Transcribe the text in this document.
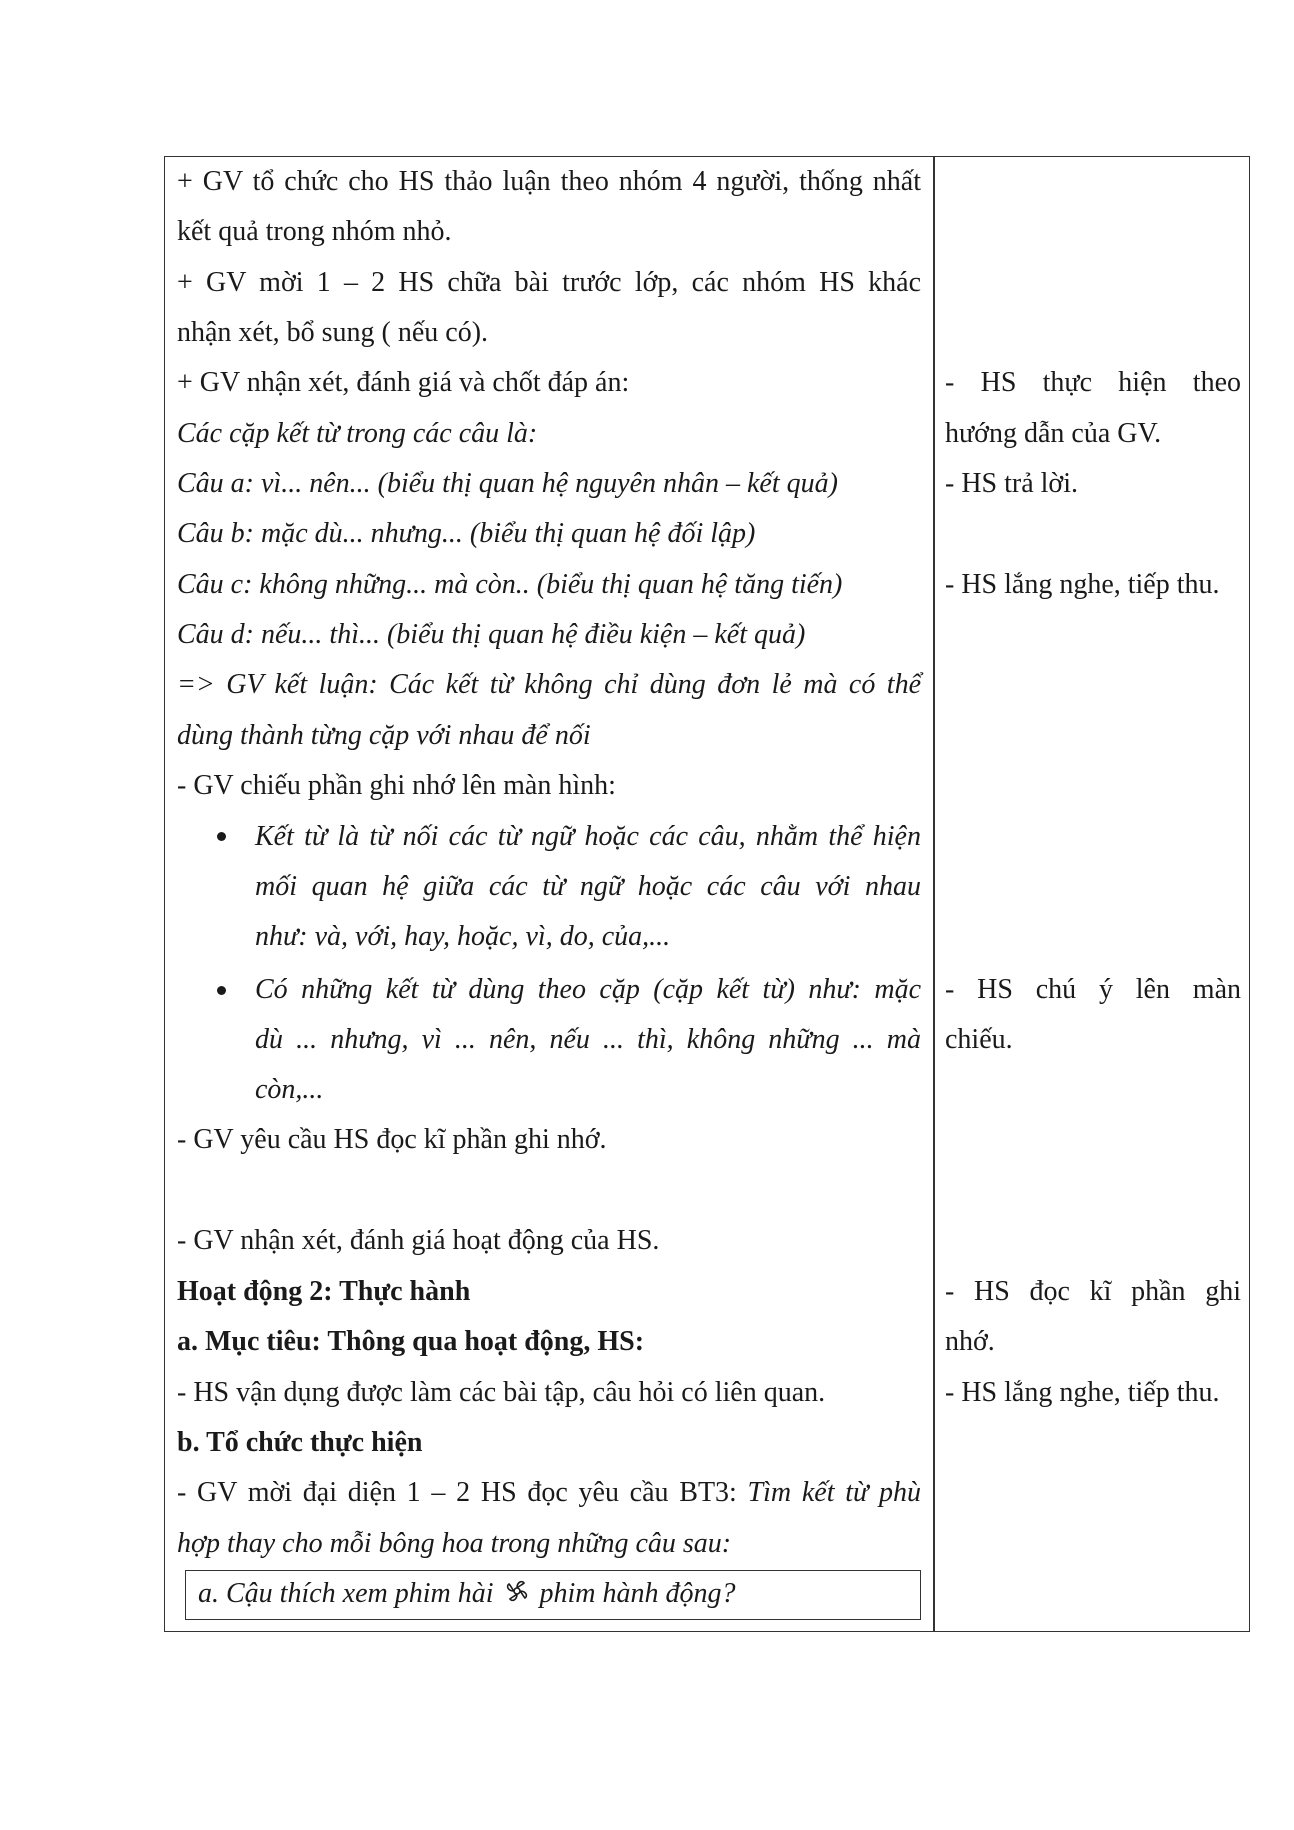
+ GV tổ chức cho HS thảo luận theo nhóm 4 người, thống nhất
kết quả trong nhóm nhỏ.
+ GV mời 1 – 2 HS chữa bài trước lớp, các nhóm HS khác
nhận xét, bổ sung ( nếu có).
+ GV nhận xét, đánh giá và chốt đáp án:
Các cặp kết từ trong các câu là:
Câu a: vì... nên... (biểu thị quan hệ nguyên nhân – kết quả)
Câu b: mặc dù... nhưng... (biểu thị quan hệ đối lập)
Câu c: không những... mà còn.. (biểu thị quan hệ tăng tiến)
Câu d: nếu... thì... (biểu thị quan hệ điều kiện – kết quả)
=> GV kết luận: Các kết từ không chỉ dùng đơn lẻ mà có thể
dùng thành từng cặp với nhau để nối
- GV chiếu phần ghi nhớ lên màn hình:
Kết từ là từ nối các từ ngữ hoặc các câu, nhằm thể hiện
mối quan hệ giữa các từ ngữ hoặc các câu với nhau
như: và, với, hay, hoặc, vì, do, của,...
Có những kết từ dùng theo cặp (cặp kết từ) như: mặc
dù ... nhưng, vì ... nên, nếu ... thì, không những ... mà
còn,...
- GV yêu cầu HS đọc kĩ phần ghi nhớ.
- GV nhận xét, đánh giá hoạt động của HS.
Hoạt động 2: Thực hành
a. Mục tiêu: Thông qua hoạt động, HS:
- HS vận dụng được làm các bài tập, câu hỏi có liên quan.
b. Tổ chức thực hiện
- GV mời đại diện 1 – 2 HS đọc yêu cầu BT3: Tìm kết từ phù
hợp thay cho mỗi bông hoa trong những câu sau:
a. Cậu thích xem phim hài phim hành động?
- HS thực hiện theo
hướng dẫn của GV.
- HS trả lời.
- HS lắng nghe, tiếp thu.
- HS chú ý lên màn
chiếu.
- HS đọc kĩ phần ghi
nhớ.
- HS lắng nghe, tiếp thu.
